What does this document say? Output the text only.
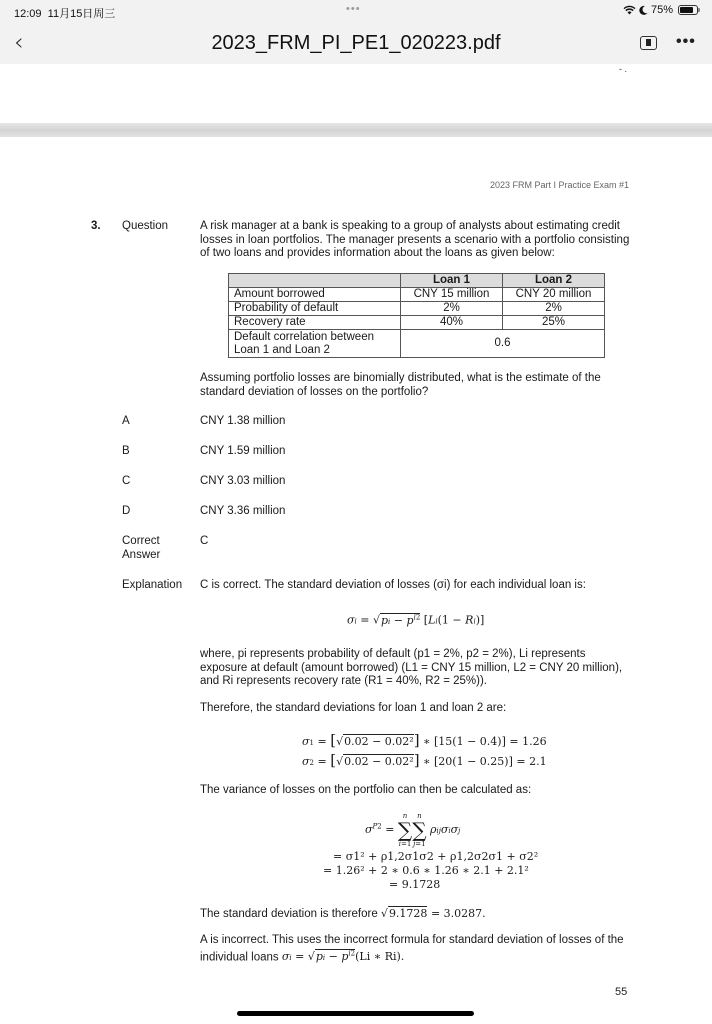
12:09 11月15日周三	•••	75%
‹	2023_FRM_PI_PE1_020223.pdf	•••
- .
2023 FRM Part I Practice Exam #1
3. Question	A risk manager at a bank is speaking to a group of analysts about estimating credit losses in loan portfolios. The manager presents a scenario with a portfolio consisting of two loans and provides information about the loans as given below:
	Loan 1	Loan 2
Amount borrowed	CNY 15 million	CNY 20 million
Probability of default	2%	2%
Recovery rate	40%	25%
Default correlation between Loan 1 and Loan 2	0.6	
Assuming portfolio losses are binomially distributed, what is the estimate of the standard deviation of losses on the portfolio?
A	CNY 1.38 million
B	CNY 1.59 million
C	CNY 3.03 million
D	CNY 3.36 million
Correct Answer
C
Explanation C is correct. The standard deviation of losses (σi) for each individual loan is:
$\sigma i = √pi - p^{i2}$ [Li(1 − Ri)]
where, pi represents probability of default (p1 = 2%, p2 = 2%), Li represents exposure at default (amount borrowed) (L1 = CNY 15 million, L2 = CNY 20 million), and Ri represents recovery rate (R1 = 40%, R2 = 25%)).
Therefore, the standard deviations for loan 1 and loan 2 are:
σ1 = [√0.02 − 0.02²] ∗ [15(1 − 0.4)] = 1.26
σ2 = [√0.02 − 0.02²] ∗ [20(1 − 0.25)] = 2.1
The variance of losses on the portfolio can then be calculated as:
$\sigma^{P2}$ =
n
∑
i=1
n
∑
j=1
ρijσiσj
= σ1² + ρ1,2σ1σ2 + ρ1,2σ2σ1 + σ2²
= 1.26² + 2 ∗ 0.6 ∗ 1.26 ∗ 2.1 + 2.1²
= 9.1728
The standard deviation is therefore √9.1728 = 3.0287.
A is incorrect. This uses the incorrect formula for standard deviation of losses of the individual loans $\sigma i = √pi - p^{i2}(Li$ ∗ Ri).
55
